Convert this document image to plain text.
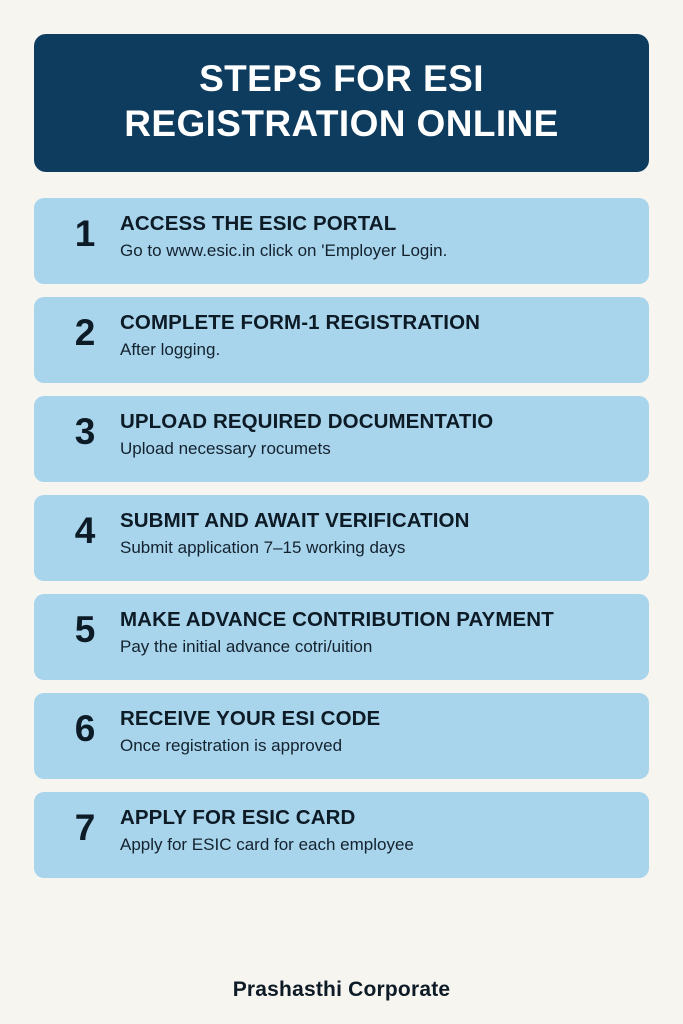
STEPS FOR ESI REGISTRATION ONLINE
1	ACCESS THE ESIC PORTAL
Go to www.esic.in click on 'Employer Login.
2	COMPLETE FORM-1 REGISTRATION
After logging.
3	UPLOAD REQUIRED DOCUMENTATIO
Upload necessary rocumets
4	SUBMIT AND AWAIT VERIFICATION
Submit application 7–15 working days
5	MAKE ADVANCE CONTRIBUTION PAYMENT
Pay the initial advance cotri/uition
6	RECEIVE YOUR ESI CODE
Once registration is approved
7	APPLY FOR ESIC CARD
Apply for ESIC card for each employee
Prashasthi Corporate
